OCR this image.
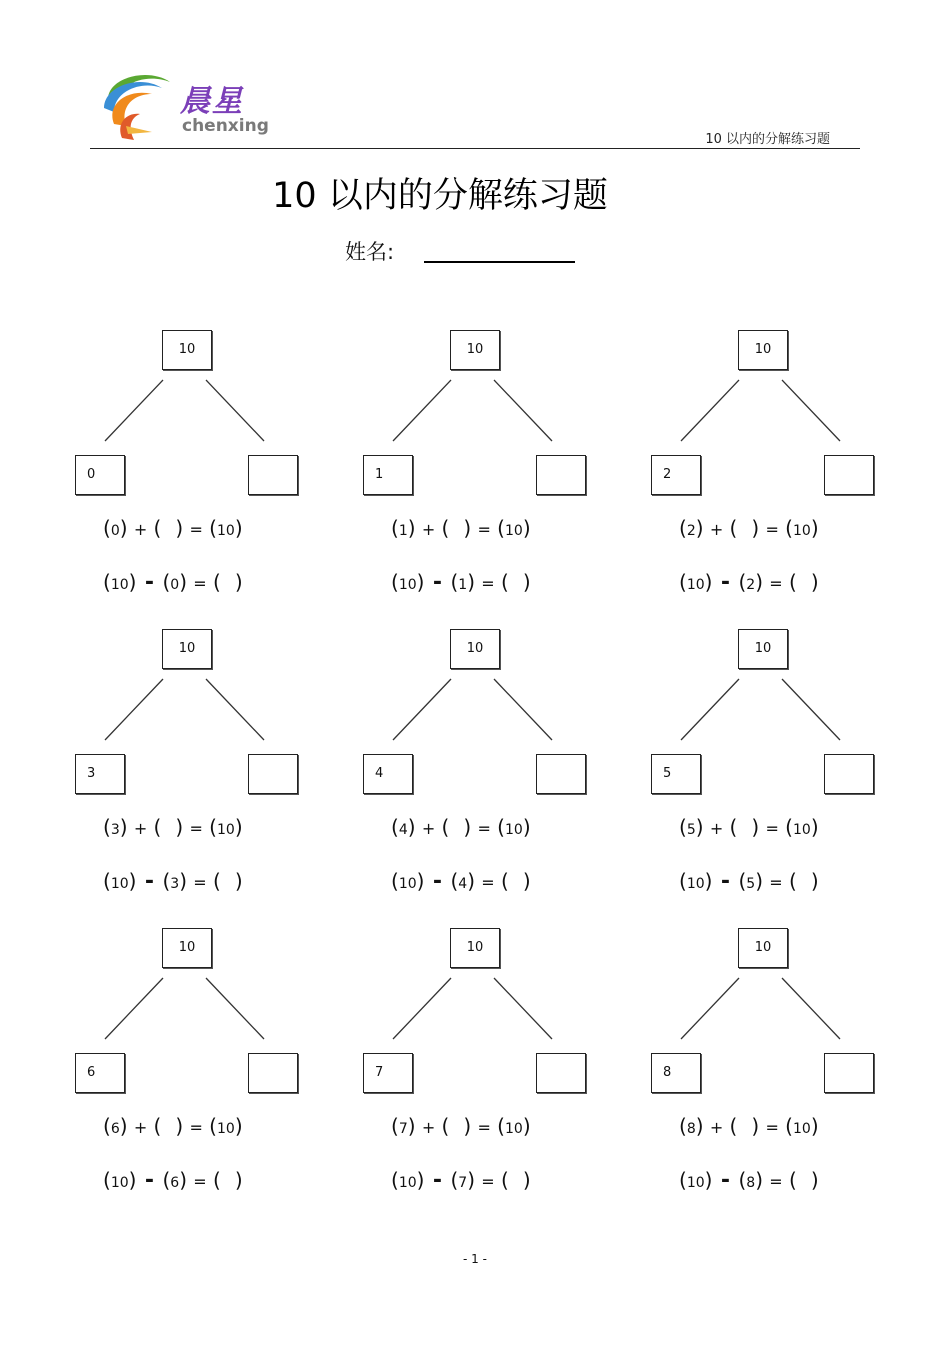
晨星
chenxing
10 以内的分解练习题
10 以内的分解练习题
姓名:
10
0
(0) + ( ) = (10)
(10) - (0) = ( )
10
1
(1) + ( ) = (10)
(10) - (1) = ( )
10
2
(2) + ( ) = (10)
(10) - (2) = ( )
10
3
(3) + ( ) = (10)
(10) - (3) = ( )
10
4
(4) + ( ) = (10)
(10) - (4) = ( )
10
5
(5) + ( ) = (10)
(10) - (5) = ( )
10
6
(6) + ( ) = (10)
(10) - (6) = ( )
10
7
(7) + ( ) = (10)
(10) - (7) = ( )
10
8
(8) + ( ) = (10)
(10) - (8) = ( )
- 1 -
